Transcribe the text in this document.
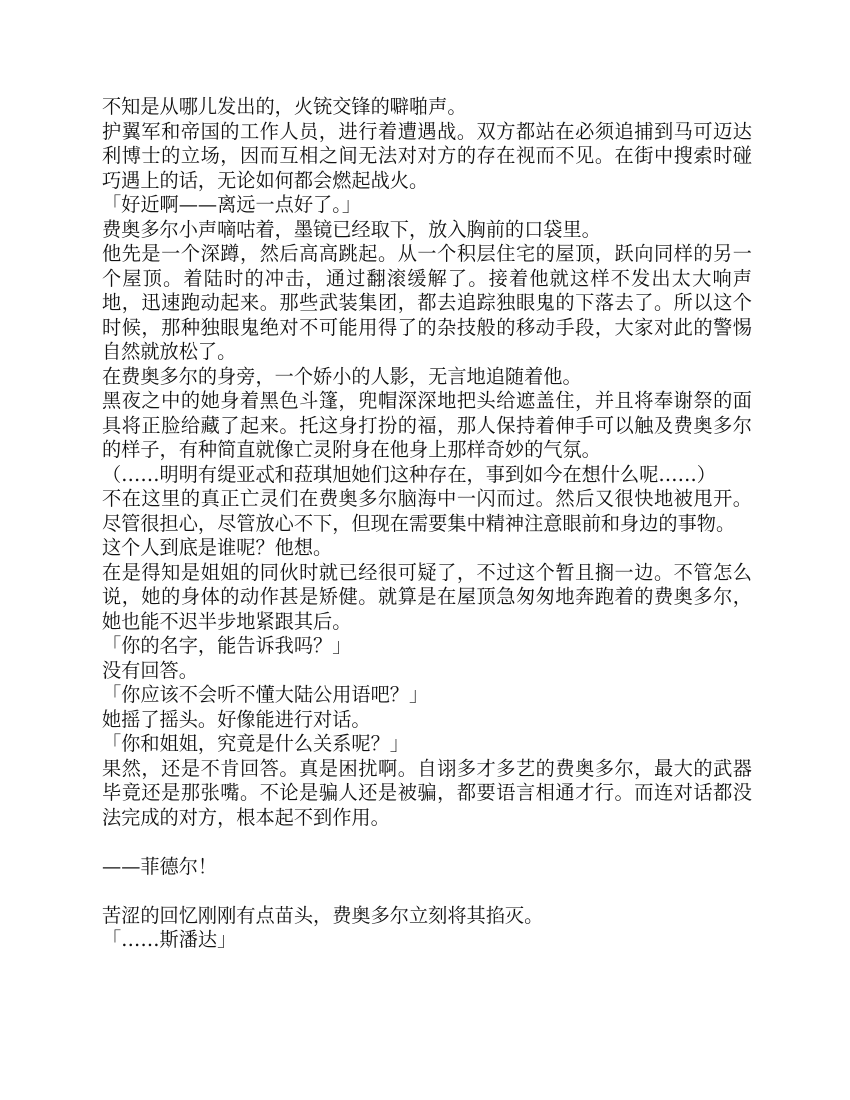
不知是从哪儿发出的，火铳交锋的噼啪声。

护翼军和帝国的工作人员，进行着遭遇战。双方都站在必须追捕到马可迈达利博士的立场，因而互相之间无法对对方的存在视而不见。在街中搜索时碰巧遇上的话，无论如何都会燃起战火。

「好近啊——离远一点好了。」

费奥多尔小声嘀咕着，墨镜已经取下，放入胸前的口袋里。

他先是一个深蹲，然后高高跳起。从一个积层住宅的屋顶，跃向同样的另一个屋顶。着陆时的冲击，通过翻滚缓解了。接着他就这样不发出太大响声地，迅速跑动起来。那些武装集团，都去追踪独眼鬼的下落去了。所以这个时候，那种独眼鬼绝对不可能用得了的杂技般的移动手段，大家对此的警惕自然就放松了。

在费奥多尔的身旁，一个娇小的人影，无言地追随着他。

黑夜之中的她身着黑色斗篷，兜帽深深地把头给遮盖住，并且将奉谢祭的面具将正脸给藏了起来。托这身打扮的福，那人保持着伸手可以触及费奥多尔的样子，有种简直就像亡灵附身在他身上那样奇妙的气氛。

（……明明有缇亚忒和菈琪旭她们这种存在，事到如今在想什么呢……）

不在这里的真正亡灵们在费奥多尔脑海中一闪而过。然后又很快地被甩开。尽管很担心，尽管放心不下，但现在需要集中精神注意眼前和身边的事物。

这个人到底是谁呢？他想。

在是得知是姐姐的同伙时就已经很可疑了，不过这个暂且搁一边。不管怎么说，她的身体的动作甚是矫健。就算是在屋顶急匆匆地奔跑着的费奥多尔，她也能不迟半步地紧跟其后。

「你的名字，能告诉我吗？」

没有回答。

「你应该不会听不懂大陆公用语吧？」

她摇了摇头。好像能进行对话。

「你和姐姐，究竟是什么关系呢？」

果然，还是不肯回答。真是困扰啊。自诩多才多艺的费奥多尔，最大的武器毕竟还是那张嘴。不论是骗人还是被骗，都要语言相通才行。而连对话都没法完成的对方，根本起不到作用。

——菲德尔！

苦涩的回忆刚刚有点苗头，费奥多尔立刻将其掐灭。

「……斯潘达」
